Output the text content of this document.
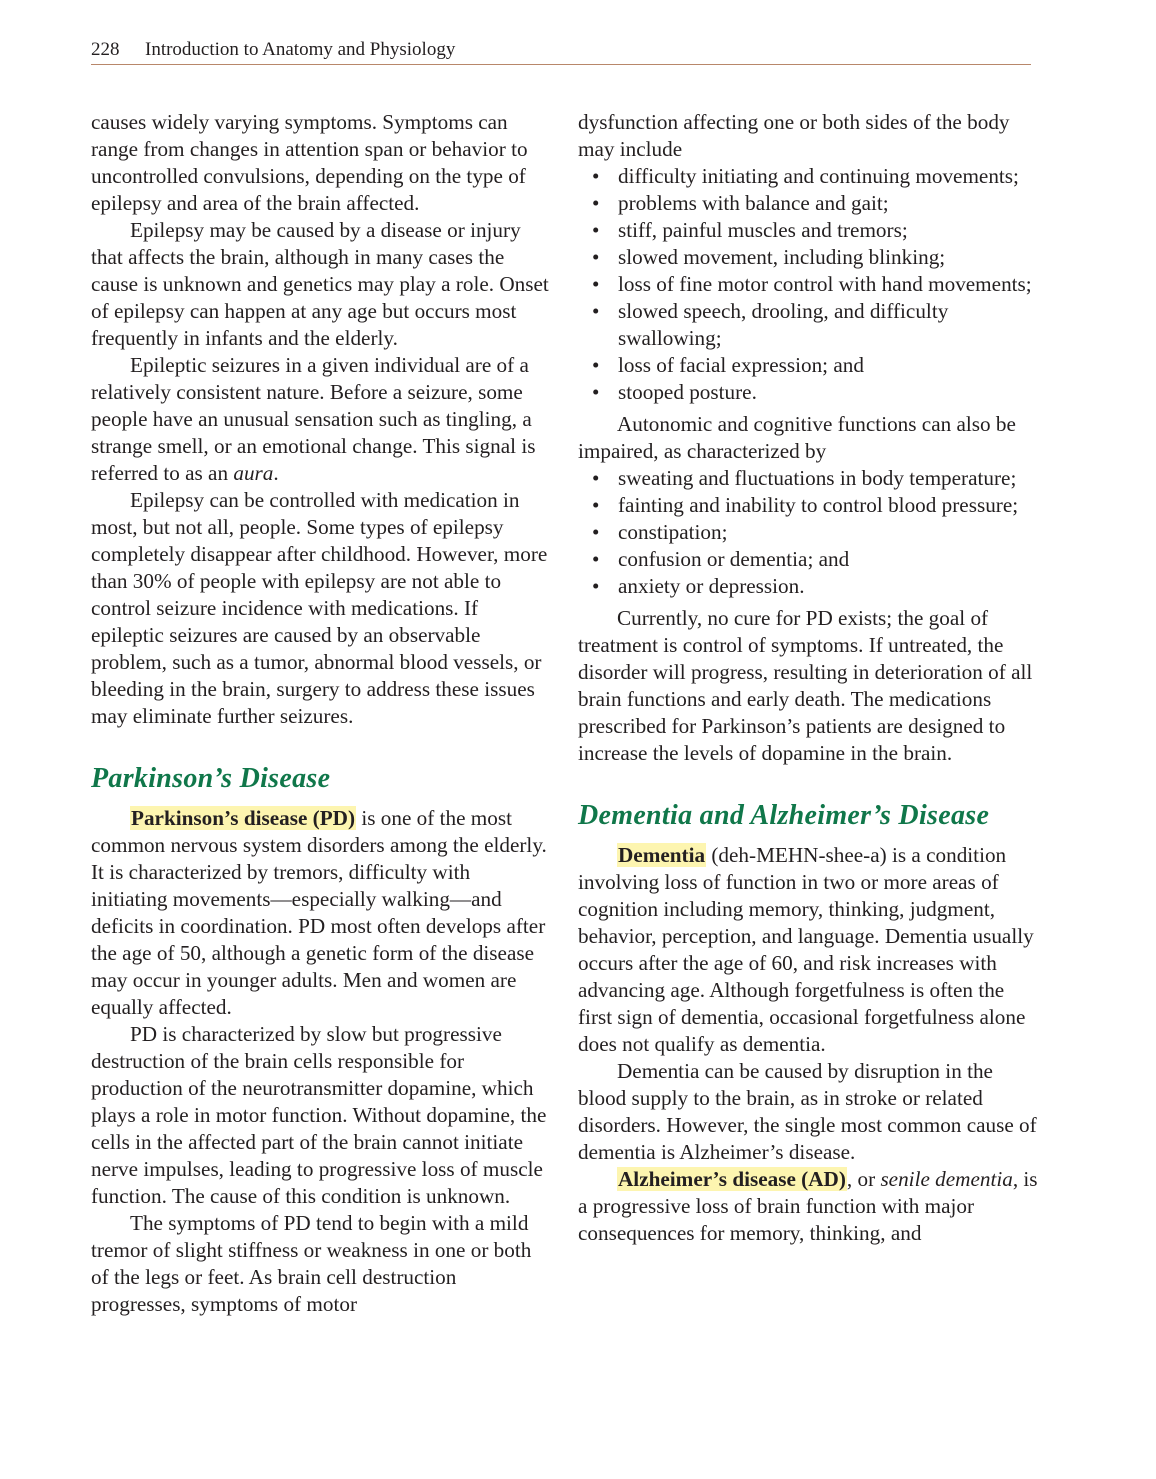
228 Introduction to Anatomy and Physiology

causes widely varying symptoms. Symptoms can range from changes in attention span or behavior to uncontrolled convulsions, depending on the type of epilepsy and area of the brain affected.

Epilepsy may be caused by a disease or injury that affects the brain, although in many cases the cause is unknown and genetics may play a role. Onset of epilepsy can happen at any age but occurs most frequently in infants and the elderly.

Epileptic seizures in a given individual are of a relatively consistent nature. Before a seizure, some people have an unusual sensation such as tingling, a strange smell, or an emotional change. This signal is referred to as an aura.

Epilepsy can be controlled with medication in most, but not all, people. Some types of epilepsy completely disappear after childhood. However, more than 30% of people with epilepsy are not able to control seizure incidence with medications. If epileptic seizures are caused by an observable problem, such as a tumor, abnormal blood vessels, or bleeding in the brain, surgery to address these issues may eliminate further seizures.

Parkinson’s Disease

Parkinson’s disease (PD) is one of the most common nervous system disorders among the elderly. It is characterized by tremors, difficulty with initiating movements—especially walking—and deficits in coordination. PD most often develops after the age of 50, although a genetic form of the disease may occur in younger adults. Men and women are equally affected.

PD is characterized by slow but progressive destruction of the brain cells responsible for production of the neurotransmitter dopamine, which plays a role in motor function. Without dopamine, the cells in the affected part of the brain cannot initiate nerve impulses, leading to progressive loss of muscle function. The cause of this condition is unknown.

The symptoms of PD tend to begin with a mild tremor of slight stiffness or weakness in one or both of the legs or feet. As brain cell destruction progresses, symptoms of motor

dysfunction affecting one or both sides of the body may include

• difficulty initiating and continuing movements;
• problems with balance and gait;
• stiff, painful muscles and tremors;
• slowed movement, including blinking;
• loss of fine motor control with hand movements;
• slowed speech, drooling, and difficulty swallowing;
• loss of facial expression; and
• stooped posture.

Autonomic and cognitive functions can also be impaired, as characterized by

• sweating and fluctuations in body temperature;
• fainting and inability to control blood pressure;
• constipation;
• confusion or dementia; and
• anxiety or depression.

Currently, no cure for PD exists; the goal of treatment is control of symptoms. If untreated, the disorder will progress, resulting in deterioration of all brain functions and early death. The medications prescribed for Parkinson’s patients are designed to increase the levels of dopamine in the brain.

Dementia and Alzheimer’s Disease

Dementia (deh-MEHN-shee-a) is a condition involving loss of function in two or more areas of cognition including memory, thinking, judgment, behavior, perception, and language. Dementia usually occurs after the age of 60, and risk increases with advancing age. Although forgetfulness is often the first sign of dementia, occasional forgetfulness alone does not qualify as dementia.

Dementia can be caused by disruption in the blood supply to the brain, as in stroke or related disorders. However, the single most common cause of dementia is Alzheimer’s disease.

Alzheimer’s disease (AD), or senile dementia, is a progressive loss of brain function with major consequences for memory, thinking, and
